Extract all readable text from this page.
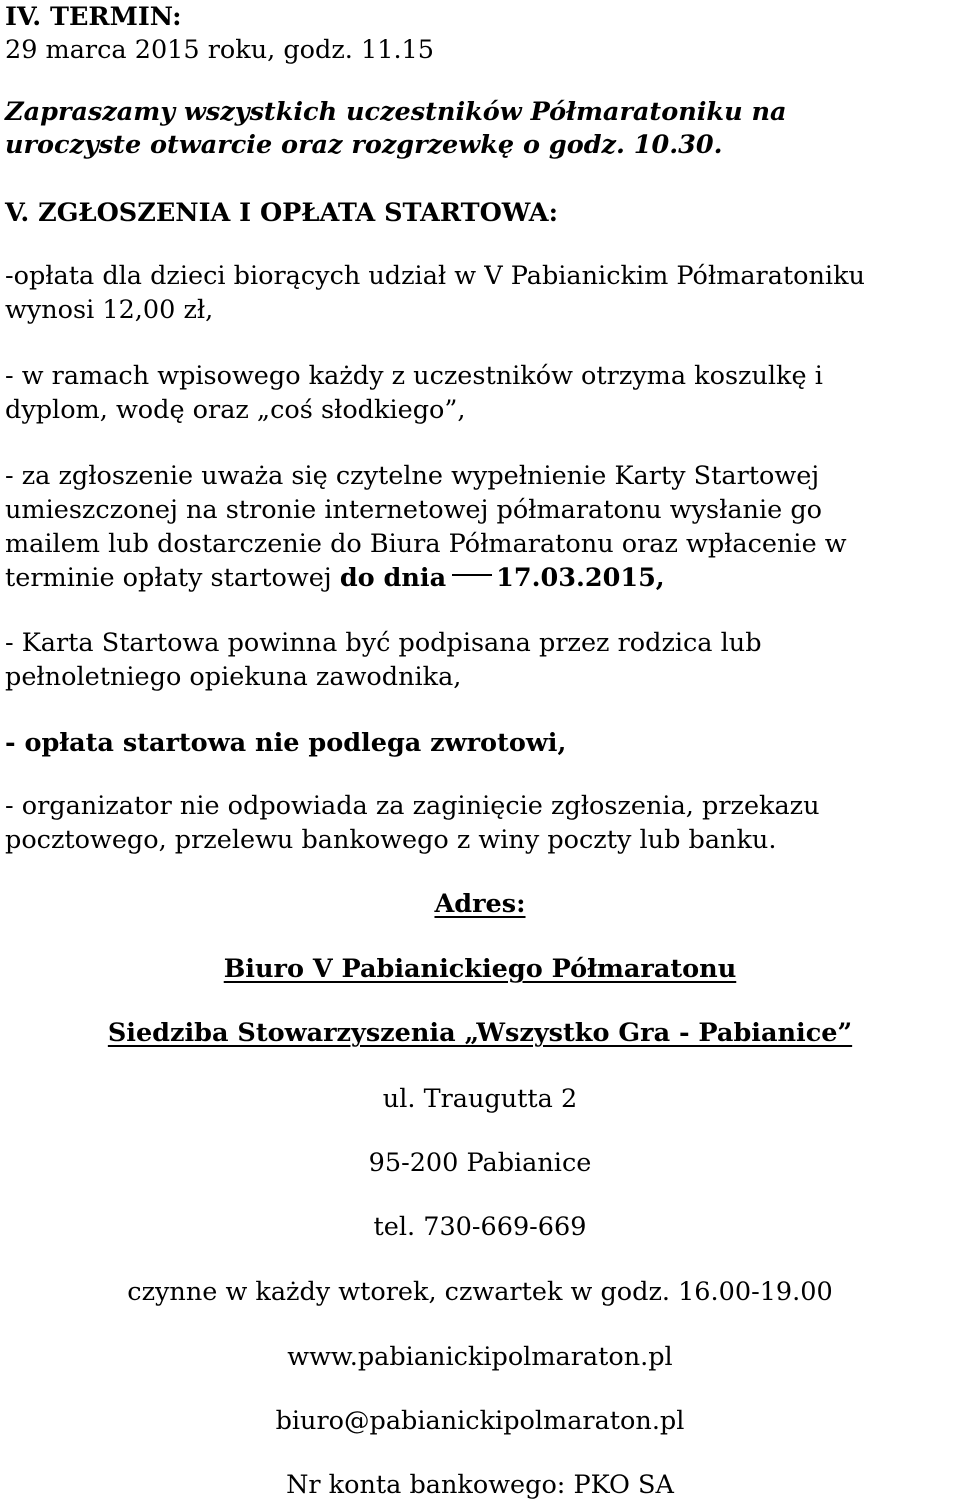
IV. TERMIN:
29 marca 2015 roku, godz. 11.15
Zapraszamy wszystkich uczestników Półmaratoniku na
uroczyste otwarcie oraz rozgrzewkę o godz. 10.30.
V. ZGŁOSZENIA I OPŁATA STARTOWA:
-opłata dla dzieci biorących udział w V Pabianickim Półmaratoniku
wynosi 12,00 zł,
- w ramach wpisowego każdy z uczestników otrzyma koszulkę i
dyplom, wodę oraz „coś słodkiego”,
- za zgłoszenie uważa się czytelne wypełnienie Karty Startowej
umieszczonej na stronie internetowej półmaratonu wysłanie go
mailem lub dostarczenie do Biura Półmaratonu oraz wpłacenie w
terminie opłaty startowej do dnia 17.03.2015,
- Karta Startowa powinna być podpisana przez rodzica lub
pełnoletniego opiekuna zawodnika,
- opłata startowa nie podlega zwrotowi,
- organizator nie odpowiada za zaginięcie zgłoszenia, przekazu
pocztowego, przelewu bankowego z winy poczty lub banku.
Adres:
Biuro V Pabianickiego Półmaratonu
Siedziba Stowarzyszenia „Wszystko Gra - Pabianice”
ul. Traugutta 2
95-200 Pabianice
tel. 730-669-669
czynne w każdy wtorek, czwartek w godz. 16.00-19.00
www.pabianickipolmaraton.pl
biuro@pabianickipolmaraton.pl
Nr konta bankowego: PKO SA
